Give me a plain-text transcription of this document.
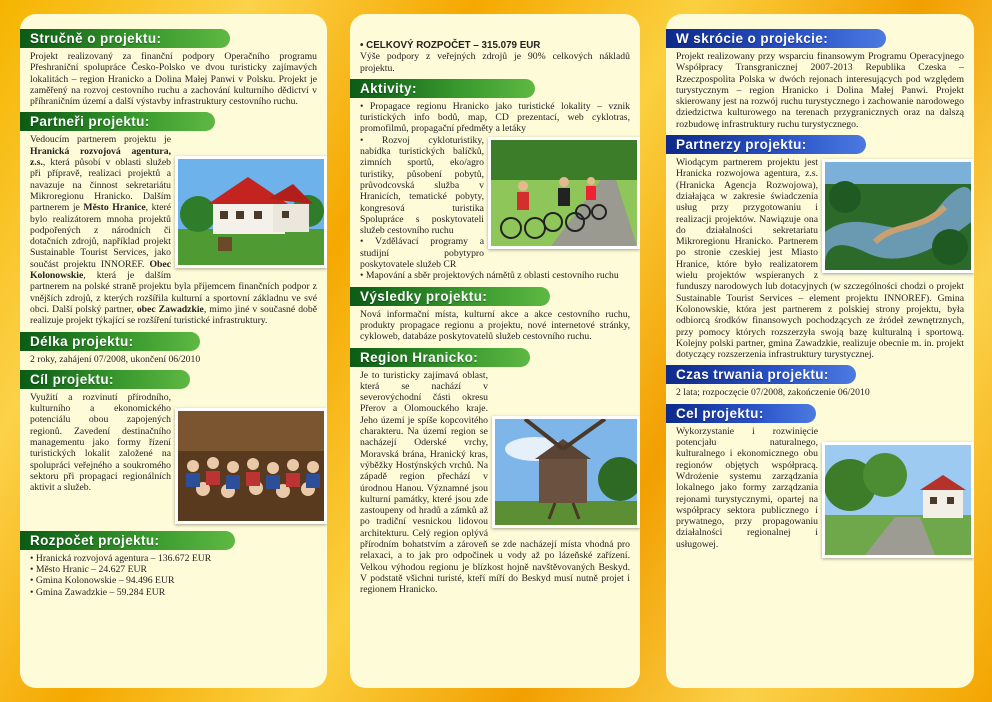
Stručně o projektu:

Projekt realizovaný za finanční podpory Operačního programu Přeshraniční spolupráce Česko-Polsko ve dvou turisticky zajímavých lokalitách – region Hranicko a Dolina Małej Panwi v Polsku. Projekt je zaměřený na rozvoj cestovního ruchu a zachování kulturního dědictví v příhraničním území a další výstavby infrastruktury cestovního ruchu.

Partneři projektu:

Vedoucím partnerem projektu je Hranická rozvojová agentura, z.s., která působí v oblasti služeb při přípravě, realizaci projektů a navazuje na činnost sekretariátu Mikroregionu Hranicko. Dalším partnerem je Město Hranice, které bylo realizátorem mnoha projektů podpořených z národních či dotačních zdrojů, například projekt Sustainable Tourist Services, jako součást projektu INNOREF. Obec Kolonowskie, která je dalším partnerem na polské straně projektu byla příjemcem finančních podpor z vnějších zdrojů, z kterých rozšířila kulturní a sportovní základnu ve své obci. Další polský partner, obec Zawadzkie, mimo jiné v současné době realizuje projekt týkající se rozšíření turistické infrastruktury.

Délka projektu:

2 roky, zahájení 07/2008, ukončení 06/2010

Cíl projektu:

Využití a rozvinutí přírodního, kulturního a ekonomického potenciálu obou zapojených regionů. Zavedení destinačního managementu jako formy řízení turistických lokalit založené na spolupráci veřejného a soukromého sektoru při propagaci regionálních aktivit a služeb.

Rozpočet projektu:
• Hranická rozvojová agentura – 136.672 EUR
• Město Hranic – 24.627 EUR
• Gmina Kolonowskie – 94.496 EUR
• Gmina Zawadzkie – 59.284 EUR

• CELKOVÝ ROZPOČET – 315.079 EUR

Výše podpory z veřejných zdrojů je 90% celkových nákladů projektu.

Aktivity:
• Propagace regionu Hranicko jako turistické lokality – vznik turistických info bodů, map, CD prezentací, web cyklotras, promofilmů, propagační předměty a letáky
• Rozvoj cykloturistiky, nabídka turistických balíčků, zimních sportů, eko/agro turistiky, působení pobytů, průvodcovská služba v Hranicích, tematické pobyty, kongresová turistika Spolupráce s poskytovateli služeb cestovního ruchu
• Vzdělávací programy a studijní pobytypro poskytovatele služeb CR
• Mapování a sběr projektových námětů z oblasti cestovního ruchu
Výsledky projektu:

Nová informační místa, kulturní akce a akce cestovního ruchu, produkty propagace regionu a projektu, nové internetové stránky, cykloweb, databáze poskytovatelů služeb cestovního ruchu.

Region Hranicko:

Je to turisticky zajímavá oblast, která se nachází v severovýchodní části okresu Přerov a Olomouckého kraje. Jeho území je spíše kopcovitého charakteru. Na území region se nacházejí Oderské vrchy, Moravská brána, Hranický kras, výběžky Hostýnských vrchů. Na západě region přechází v úrodnou Hanou. Významné jsou kulturní památky, které jsou zde zastoupeny od hradů a zámků až po tradiční vesnickou lidovou architekturu. Celý region oplývá přírodním bohatstvím a zároveň se zde nacházejí místa vhodná pro relaxaci, a to jak pro odpočinek u vody až po lázeňské zařízení. Velkou výhodou regionu je blízkost hojně navštěvovaných Beskyd. V podstatě všichni turisté, kteří míří do Beskyd musí nutně projet i regionem Hranicko.

W skrócie o projekcie:

Projekt realizowany przy wsparciu finansowym Programu Operacyjnego Współpracy Transgranicznej 2007-2013 Republika Czeska – Rzeczpospolita Polska w dwóch rejonach interesujących pod względem turystycznym – region Hranicko i Dolina Małej Panwi. Projekt skierowany jest na rozwój ruchu turystycznego i zachowanie narodowego dziedzictwa kulturowego na terenach przygranicznych oraz na dalszą rozbudowę infrastruktury ruchu turystycznego.

Partnerzy projektu:

Wiodącym partnerem projektu jest Hranicka rozwojowa agentura, z.s. (Hranicka Agencja Rozwojowa), działająca w zakresie świadczenia usług przy przygotowaniu i realizacji projektów. Nawiązuje ona do działalności sekretariatu Mikroregionu Hranicko. Partnerem po stronie czeskiej jest Miasto Hranice, które było realizatorem wielu projektów wspieranych z funduszy narodowych lub dotacyjnych (w szczególności chodzi o projekt Sustainable Tourist Services – element projektu INNOREF). Gmina Kolonowskie, która jest partnerem z polskiej strony projektu, była odbiorcą środków finansowych pochodzących ze źródeł zewnętrznych, przy pomocy których rozszerzyła swoją bazę kulturalną i sportową. Kolejny polski partner, gmina Zawadzkie, realizuje obecnie m. in. projekt dotyczący rozszerzenia infrastruktury turystycznej.

Czas trwania projektu:

2 lata; rozpoczęcie 07/2008, zakończenie 06/2010

Cel projektu:

Wykorzystanie i rozwinięcie potencjału naturalnego, kulturalnego i ekonomicznego obu regionów objętych współpracą. Wdrożenie systemu zarządzania lokalnego jako formy zarządzania rejonami turystycznymi, opartej na współpracy sektora publicznego i prywatnego, przy propagowaniu działalności regionalnej i usługowej.
